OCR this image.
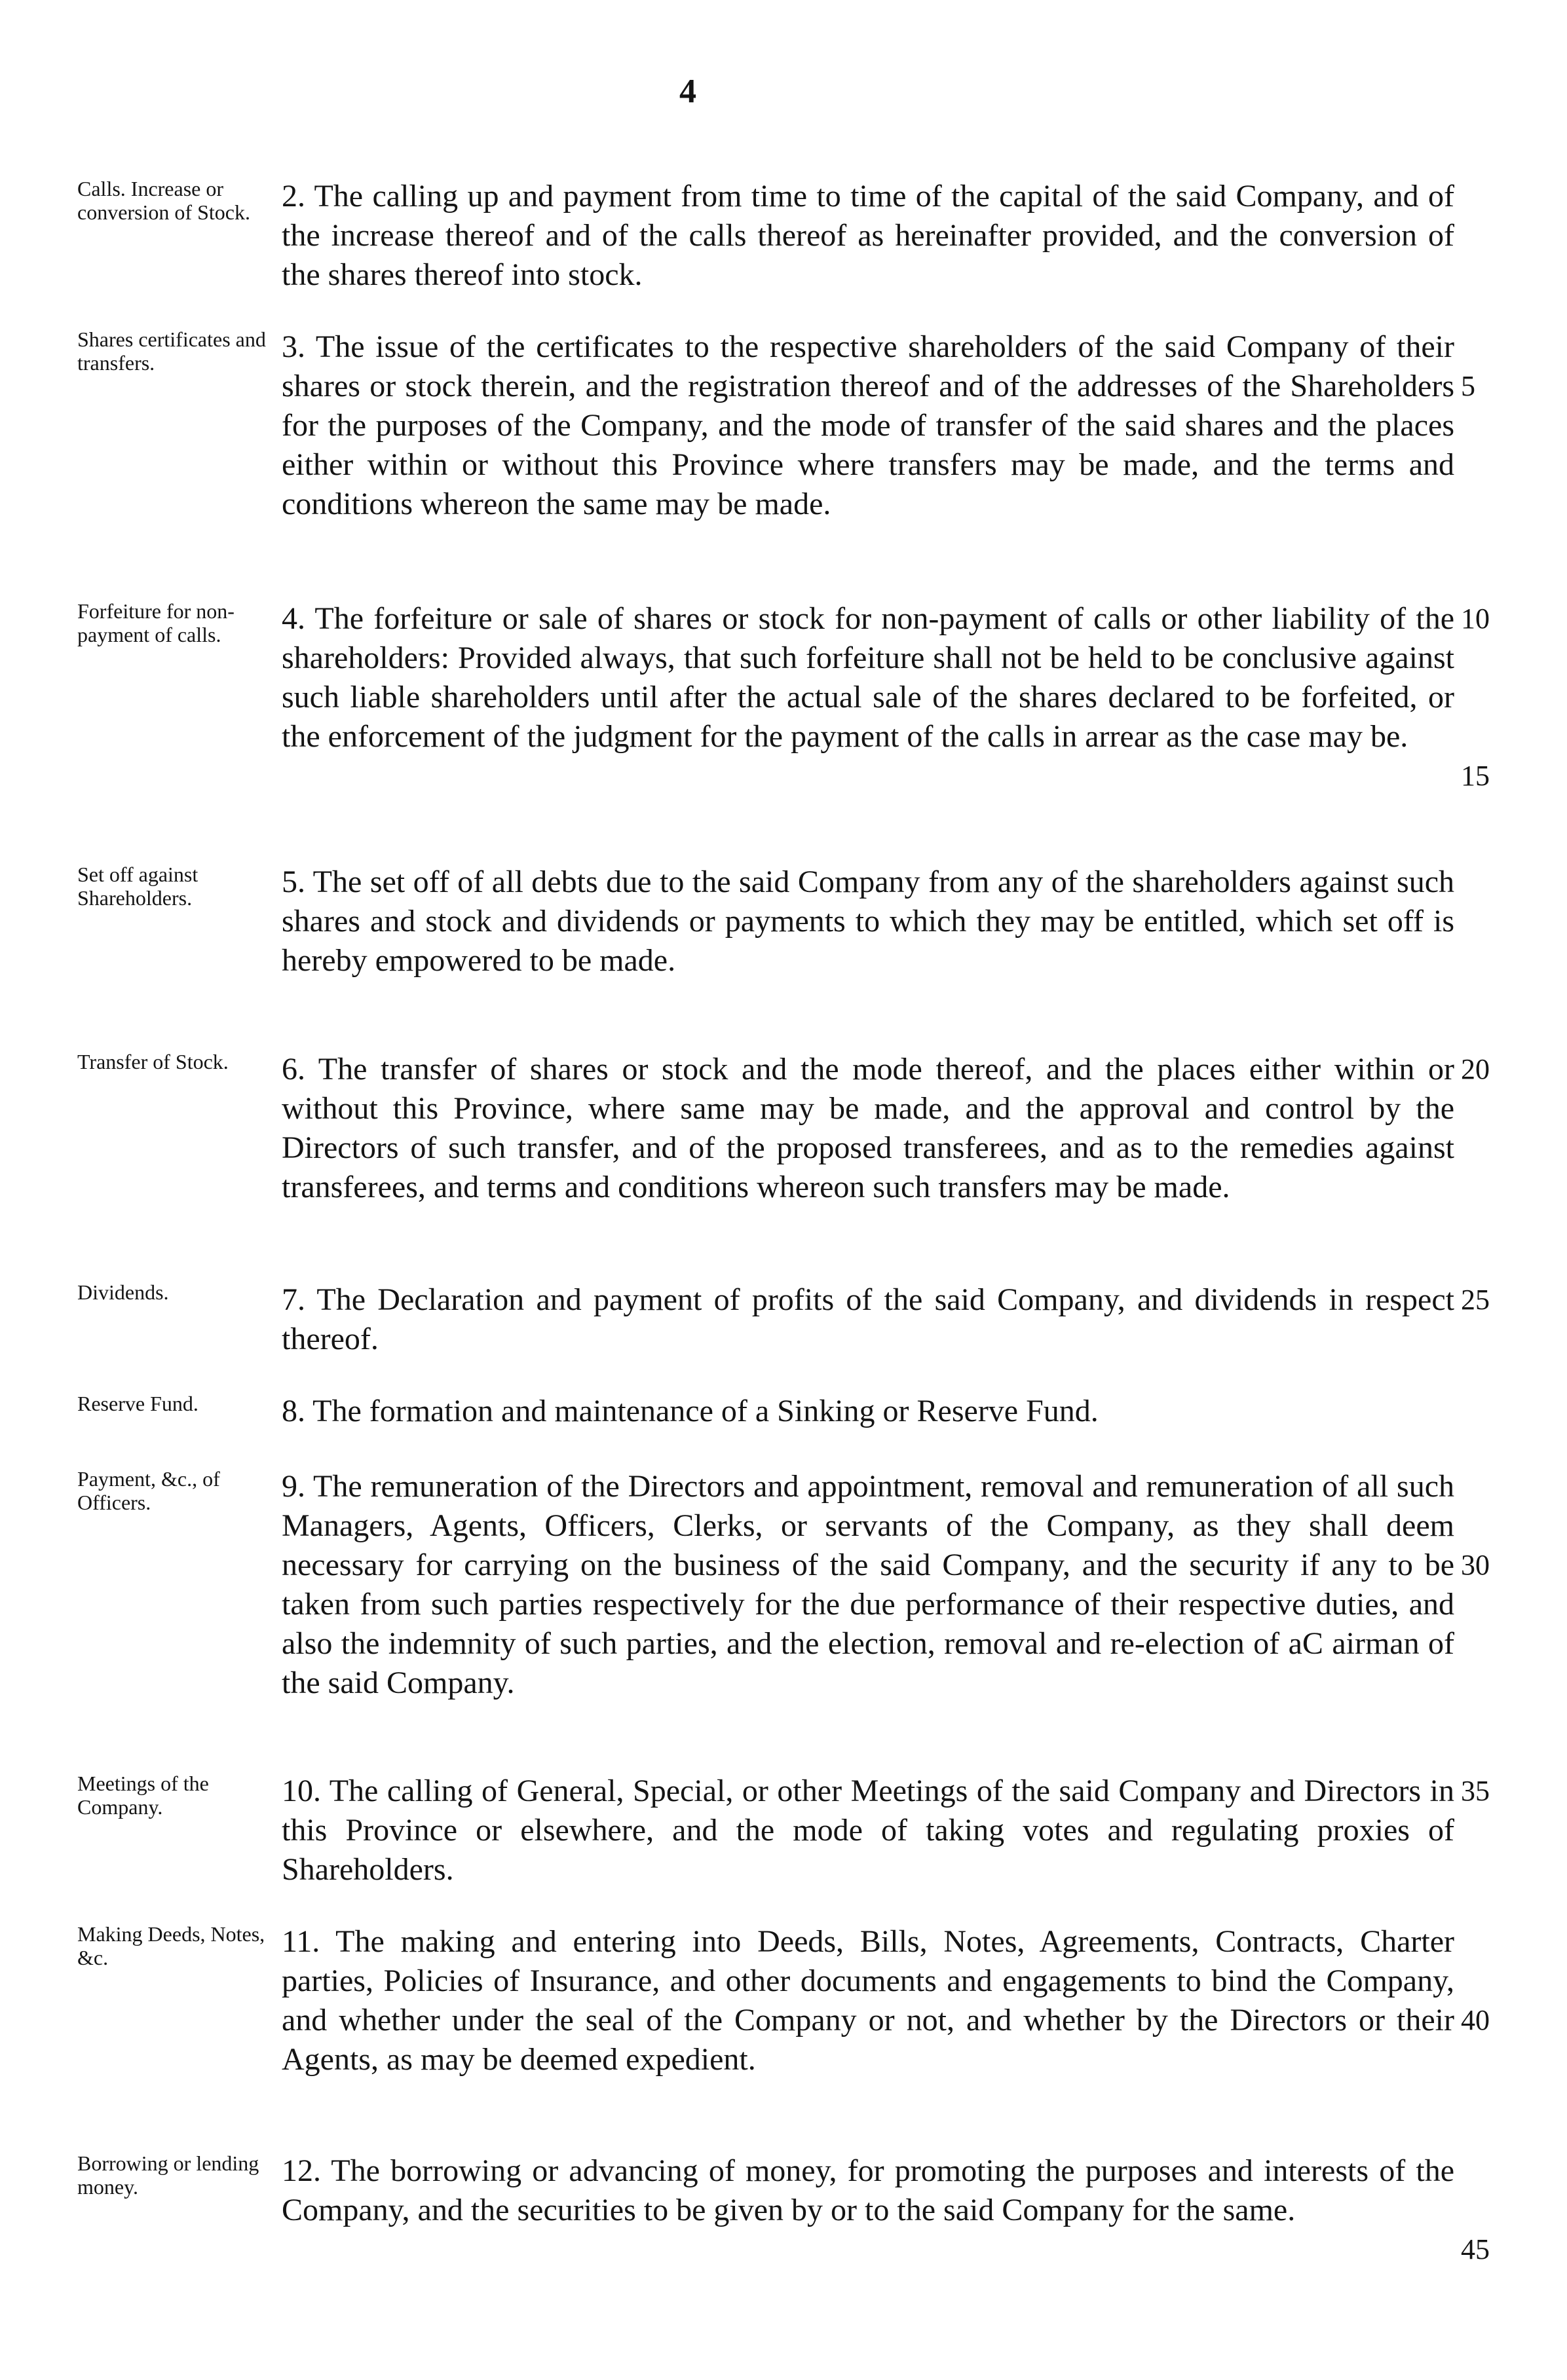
4
Calls. Increase or conversion of Stock.	2. The calling up and payment from time to time of the capital of the said Company, and of the increase thereof and of the calls thereof as hereinafter provided, and the conversion of the shares thereof into stock.
Shares certificates and transfers.	3. The issue of the certificates to the respective shareholders of the said Company of their shares or stock therein, and the registration thereof and of the addresses of the Shareholders for the purposes of the Company, and the mode of transfer of the said shares and the places either within or without this Province where transfers may be made, and the terms and conditions whereon the same may be made.
Forfeiture for non-payment of calls.	4. The forfeiture or sale of shares or stock for non-payment of calls or other liability of the shareholders: Provided always, that such forfeiture shall not be held to be conclusive against such liable shareholders until after the actual sale of the shares declared to be forfeited, or the enforcement of the judgment for the payment of the calls in arrear as the case may be.
Set off against Shareholders.	5. The set off of all debts due to the said Company from any of the shareholders against such shares and stock and dividends or payments to which they may be entitled, which set off is hereby empowered to be made.
Transfer of Stock.	6. The transfer of shares or stock and the mode thereof, and the places either within or without this Province, where same may be made, and the approval and control by the Directors of such transfer, and of the proposed transferees, and as to the remedies against transferees, and terms and conditions whereon such transfers may be made.
Dividends.	7. The Declaration and payment of profits of the said Company, and dividends in respect thereof.
Reserve Fund.	8. The formation and maintenance of a Sinking or Reserve Fund.
Payment, &c., of Officers.	9. The remuneration of the Directors and appointment, removal and remuneration of all such Managers, Agents, Officers, Clerks, or servants of the Company, as they shall deem necessary for carrying on the business of the said Company, and the security if any to be taken from such parties respectively for the due performance of their respective duties, and also the indemnity of such parties, and the election, removal and re-election of aC airman of the said Company.
Meetings of the Company.	10. The calling of General, Special, or other Meetings of the said Company and Directors in this Province or elsewhere, and the mode of taking votes and regulating proxies of Shareholders.
Making Deeds, Notes, &c.	11. The making and entering into Deeds, Bills, Notes, Agreements, Contracts, Charter parties, Policies of Insurance, and other documents and engagements to bind the Company, and whether under the seal of the Company or not, and whether by the Directors or their Agents, as may be deemed expedient.
Borrowing or lending money.	12. The borrowing or advancing of money, for promoting the purposes and interests of the Company, and the securities to be given by or to the said Company for the same.
5
10
15
20
25
30
35
40
45
